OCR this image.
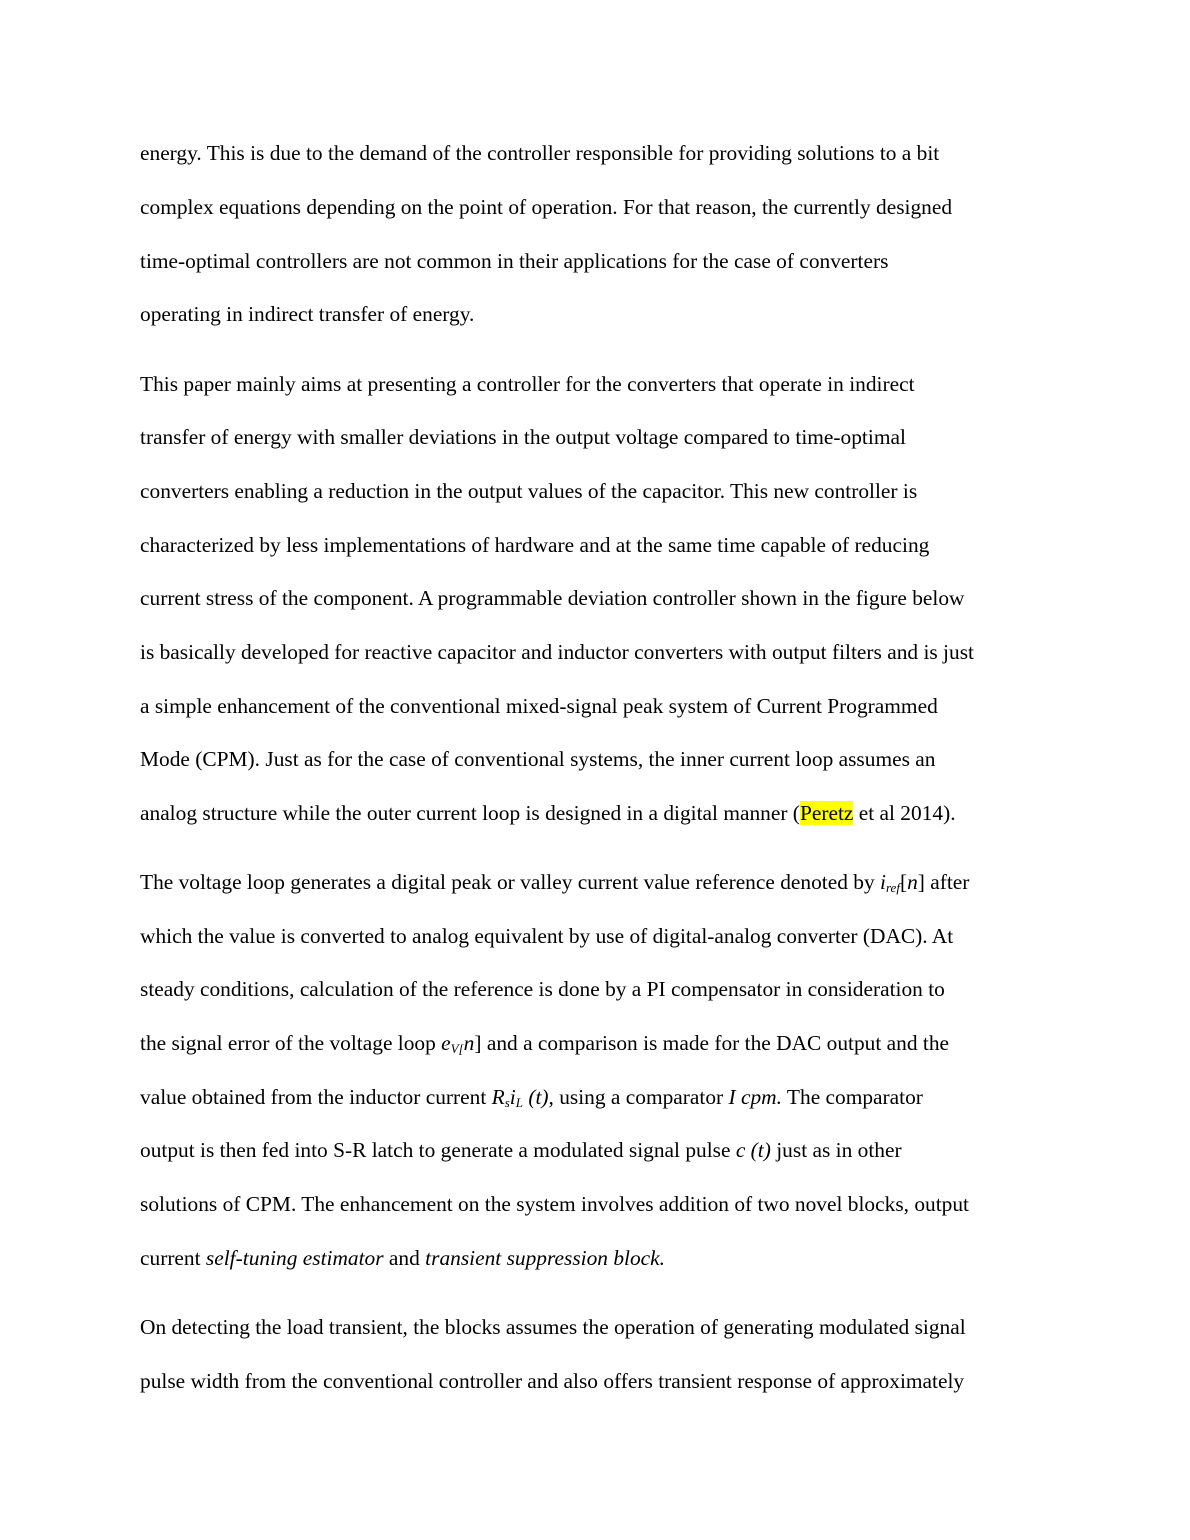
energy. This is due to the demand of the controller responsible for providing solutions to a bit

complex equations depending on the point of operation. For that reason, the currently designed

time-optimal controllers are not common in their applications for the case of converters

operating in indirect transfer of energy.

This paper mainly aims at presenting a controller for the converters that operate in indirect

transfer of energy with smaller deviations in the output voltage compared to time-optimal

converters enabling a reduction in the output values of the capacitor. This new controller is

characterized by less implementations of hardware and at the same time capable of reducing

current stress of the component. A programmable deviation controller shown in the figure below

is basically developed for reactive capacitor and inductor converters with output filters and is just

a simple enhancement of the conventional mixed-signal peak system of Current Programmed

Mode (CPM). Just as for the case of conventional systems, the inner current loop assumes an

analog structure while the outer current loop is designed in a digital manner (Peretz et al 2014).

The voltage loop generates a digital peak or valley current value reference denoted by $i_{ref}[n]$ after

which the value is converted to analog equivalent by use of digital-analog converter (DAC). At

steady conditions, calculation of the reference is done by a PI compensator in consideration to

the signal error of the voltage loop $e_{V[}n$] and a comparison is made for the DAC output and the

value obtained from the inductor current $R_si_L$ (t), using a comparator I cpm. The comparator

output is then fed into S-R latch to generate a modulated signal pulse c (t) just as in other

solutions of CPM. The enhancement on the system involves addition of two novel blocks, output

current self-tuning estimator and transient suppression block.

On detecting the load transient, the blocks assumes the operation of generating modulated signal

pulse width from the conventional controller and also offers transient response of approximately
